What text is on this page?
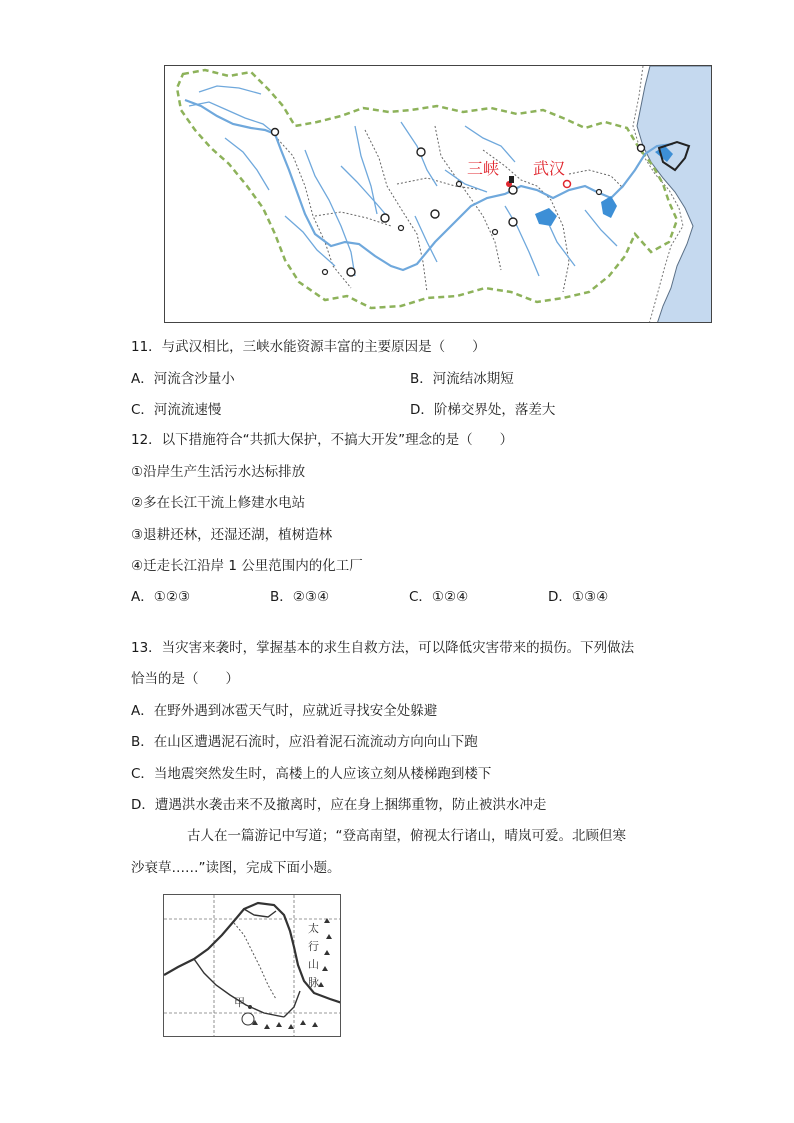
三峡 武汉
11．与武汉相比，三峡水能资源丰富的主要原因是（　　）
A．河流含沙量小	B．河流结冰期短
C．河流流速慢	D．阶梯交界处，落差大
12．以下措施符合“共抓大保护，不搞大开发”理念的是（　　）
①沿岸生产生活污水达标排放
②多在长江干流上修建水电站
③退耕还林，还湿还湖，植树造林
④迁走长江沿岸 1 公里范围内的化工厂
A．①②③	B．②③④	C．①②④	D．①③④
13．当灾害来袭时，掌握基本的求生自救方法，可以降低灾害带来的损伤。下列做法
恰当的是（　　）
A．在野外遇到冰雹天气时，应就近寻找安全处躲避
B．在山区遭遇泥石流时，应沿着泥石流流动方向向山下跑
C．当地震突然发生时，高楼上的人应该立刻从楼梯跑到楼下
D．遭遇洪水袭击来不及撤离时，应在身上捆绑重物，防止被洪水冲走
古人在一篇游记中写道；“登高南望，俯视太行诸山，晴岚可爱。北顾但寒
沙衰草……”读图，完成下面小题。
太
行
山
脉
甲
